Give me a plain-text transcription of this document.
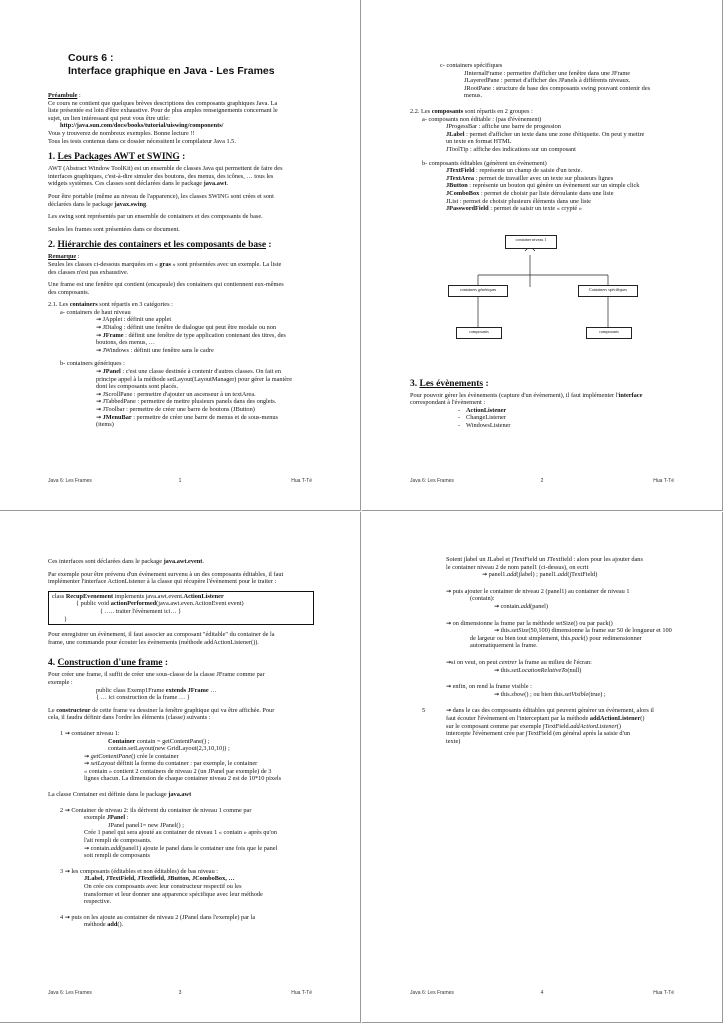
Cours 6 :
Interface graphique en Java - Les Frames

Préambule :
Ce cours ne contient que quelques brèves descriptions des composants graphiques Java. La
liste présentée est loin d'être exhaustive. Pour de plus amples renseignements concernant le
sujet, un lien intéressant qui peut vous être utile:
http://java.sun.com/docs/books/tutorial/uiswing/components/
Vous y trouverez de nombreux exemples. Bonne lecture !!
Tous les tests contenus dans ce dossier nécessitent le compilateur Java 1.5.

1. Les Packages AWT et SWING :

AWT (Abstract Window ToolKit) est un ensemble de classes Java qui permettent de faire des
interfaces graphiques, c'est-à-dire simuler des boutons, des menus, des icônes, … tous les
widgets systèmes. Ces classes sont déclarées dans le package java.awt.

Pour être portable (même au niveau de l'apparence), les classes SWING sont crées et sont
déclarées dans le package javax.swing.

Les swing sont représentés par un ensemble de containers et des composants de base.

Seules les frames sont présentées dans ce document.

2. Hiérarchie des containers et les composants de base :

Remarque :
Seules les classes ci-dessous marquées en « gras » sont présentées avec un exemple. La liste
des classes n'est pas exhaustive.

Une frame est une fenêtre qui contient (encapsule) des containers qui contiennent eux-mêmes
des composants.

2.1. Les containers sont répartis en 3 catégories :
a- containers de haut niveau
→ JApplet : définit une applet
→ JDialog : définit une fenêtre de dialogue qui peut être modale ou non
→ JFrame : définit une fenêtre de type application contenant des titres, des
boutons, des menus, …
→ JWindows : définit une fenêtre sans le cadre
b- containers génériques :
→ JPanel : c'est une classe destinée à contenir d'autres classes. On fait en
principe appel à la méthode setLayout(LayoutManager) pour gérer la manière
dont les composants sont placés.
→ JScrollPane : permettre d'ajouter un ascenseur à un textArea.
→ JTabbedPane : permettre de mettre plusieurs panels dans des onglets.
→ JToolbar : permettre de créer une barre de boutons (JButton)
→ JMenuBar : permettre de créer une barre de menus et de sous-menus
(items)
Java 6: Les Frames	1	Hua T-Té
c- containers spécifiques
JInternalFrame : permettre d'afficher une fenêtre dans une JFrame
JLayeredPane : permet d'afficher des JPanels à différents niveaux.
JRootPane : structure de base des composants swing pouvant contenir des
menus.
2.2. Les composants sont répartis en 2 groupes :
a- composants non éditable : (pas d'évènement)
JProgessBar : affiche une barre de progession
JLabel : permet d'afficher un texte dans une zone d'étiquette. On peut y mettre
un texte en format HTML
JToolTip : affiche des indications sur un composant
b- composants éditables (génèrent un évènement)
JTextField : représente un champ de saisie d'un texte.
JTextArea : permet de travailler avec un texte sur plusieurs lignes
JButton : représente un bouton qui génère un évènement sur un simple click
JComboBox : permet de choisir par liste déroulante dans une liste
JList : permet de choisir plusieurs éléments dans une liste
JPasswordField : permet de saisir un texte « crypté »
container niveau 1
containers génériques	Containers spécifiques
composants	composants
3. Les évènements :
Pour pouvoir gérer les évènements (capture d'un évènement), il faut implémenter l'interface
correspondant à l'évènement :
- ActionListener
- ChangeListener
- WindowsListener
Java 6: Les Frames	2	Hua T-Té

Ces interfaces sont déclarées dans le package java.awt.event.

Par exemple pour être prévenu d'un évènement survenu à un des composants éditables, il faut
implémenter l'interface ActionListener à la classe qui récupère l'évènement pour le traiter :

class RecupEvenement implements java.awt.event.ActionListener
{ public void actionPerformed(java.awt.even.ActionEvent event)
{ ….. traiter l'évènement ici… }
}

Pour enregistrer un évènement, il faut associer au composant "éditable" du container de la
frame, une commande pour écouter les évènements (méthode addActionListener()).

4. Construction d'une frame :

Pour créer une frame, il suffit de créer une sous-classe de la classe JFrame comme par
exemple :
public class Exemp1Frame extends JFrame …
{ … ici construction de la frame … }

Le constructeur de cette frame va dessiner la fenêtre graphique qui va être affichée. Pour
cela, il faudra définir dans l'ordre les éléments (classe) suivants :

1 → container niveau 1:
Container contain = getContentPane() ;
contain.setLayout(new GridLayout(2,3,10,10)) ;
→ getContentPane() crée le container
→ setLayout définit la forme du container : par exemple, le container
« contain » contient 2 containers de niveau 2 (un JPanel par exemple) de 3
lignes chacun. La dimension de chaque container niveau 2 est de 10*10 pixels

La classe Container est définie dans le package java.awt

2 → Container de niveau 2: ils dérivent du container de niveau 1 comme par
exemple JPanel :
JPanel panel1= new JPanel() ;
Crée 1 panel qui sera ajouté au container de niveau 1 « contain » après qu'on
l'ait rempli de composants.
→ contain.add(panel1) ajoute le panel dans le container une fois que le panel
soit rempli de composants
3 → les composants (éditables et non éditables) de bas niveau :
JLabel, JTextField, JTextfield, JButton, JComboBox, …
On crée ces composants avec leur constructeur respectif ou les
transformer et leur donner une apparence spécifique avec leur méthode
respective.
4 → puis on les ajoute au container de niveau 2 (JPanel dans l'exemple) par la
méthode add().
Java 6: Les Frames	3	Hua T-Té
Soient jlabel un JLabel et jTextField un JTextfield : alors pour les ajouter dans
le container niveau 2 de nom panel1 (ci-dessus), on ecrit
→ panel1.add(jlabel) ; panel1.add(jTextField)
→ puis ajouter le container de niveau 2 (panel1) au container de niveau 1
(contain):
→ contain.add(panel)
→ on dimensionne la frame par la méthode setSize() ou par pack()
→ this.setSize(50,100) dimensionne la frame sur 50 de longueur et 100
de largeur ou bien tout simplement, this.pack() pour redimensionner
automatiquement la frame.
→si on veut, on peut centrer la frame au milieu de l'écran:
→ this.setLocationRelativeTo(null)
→ enfin, on rend la frame visible :
→ this.show() ; ou bien this.setVisible(true) ;
5	→ dans le cas des composants éditables qui peuvent générer un évènement, alors il
faut écouter l'évènement en l'interceptant par la méthode addActionListener()
sur le composant comme par exemple jTextField.addActionListener()
intercepte l'évènement crée par jTextField (en général après la saisie d'un
texte)
Java 6: Les Frames	4	Hua T-Té
